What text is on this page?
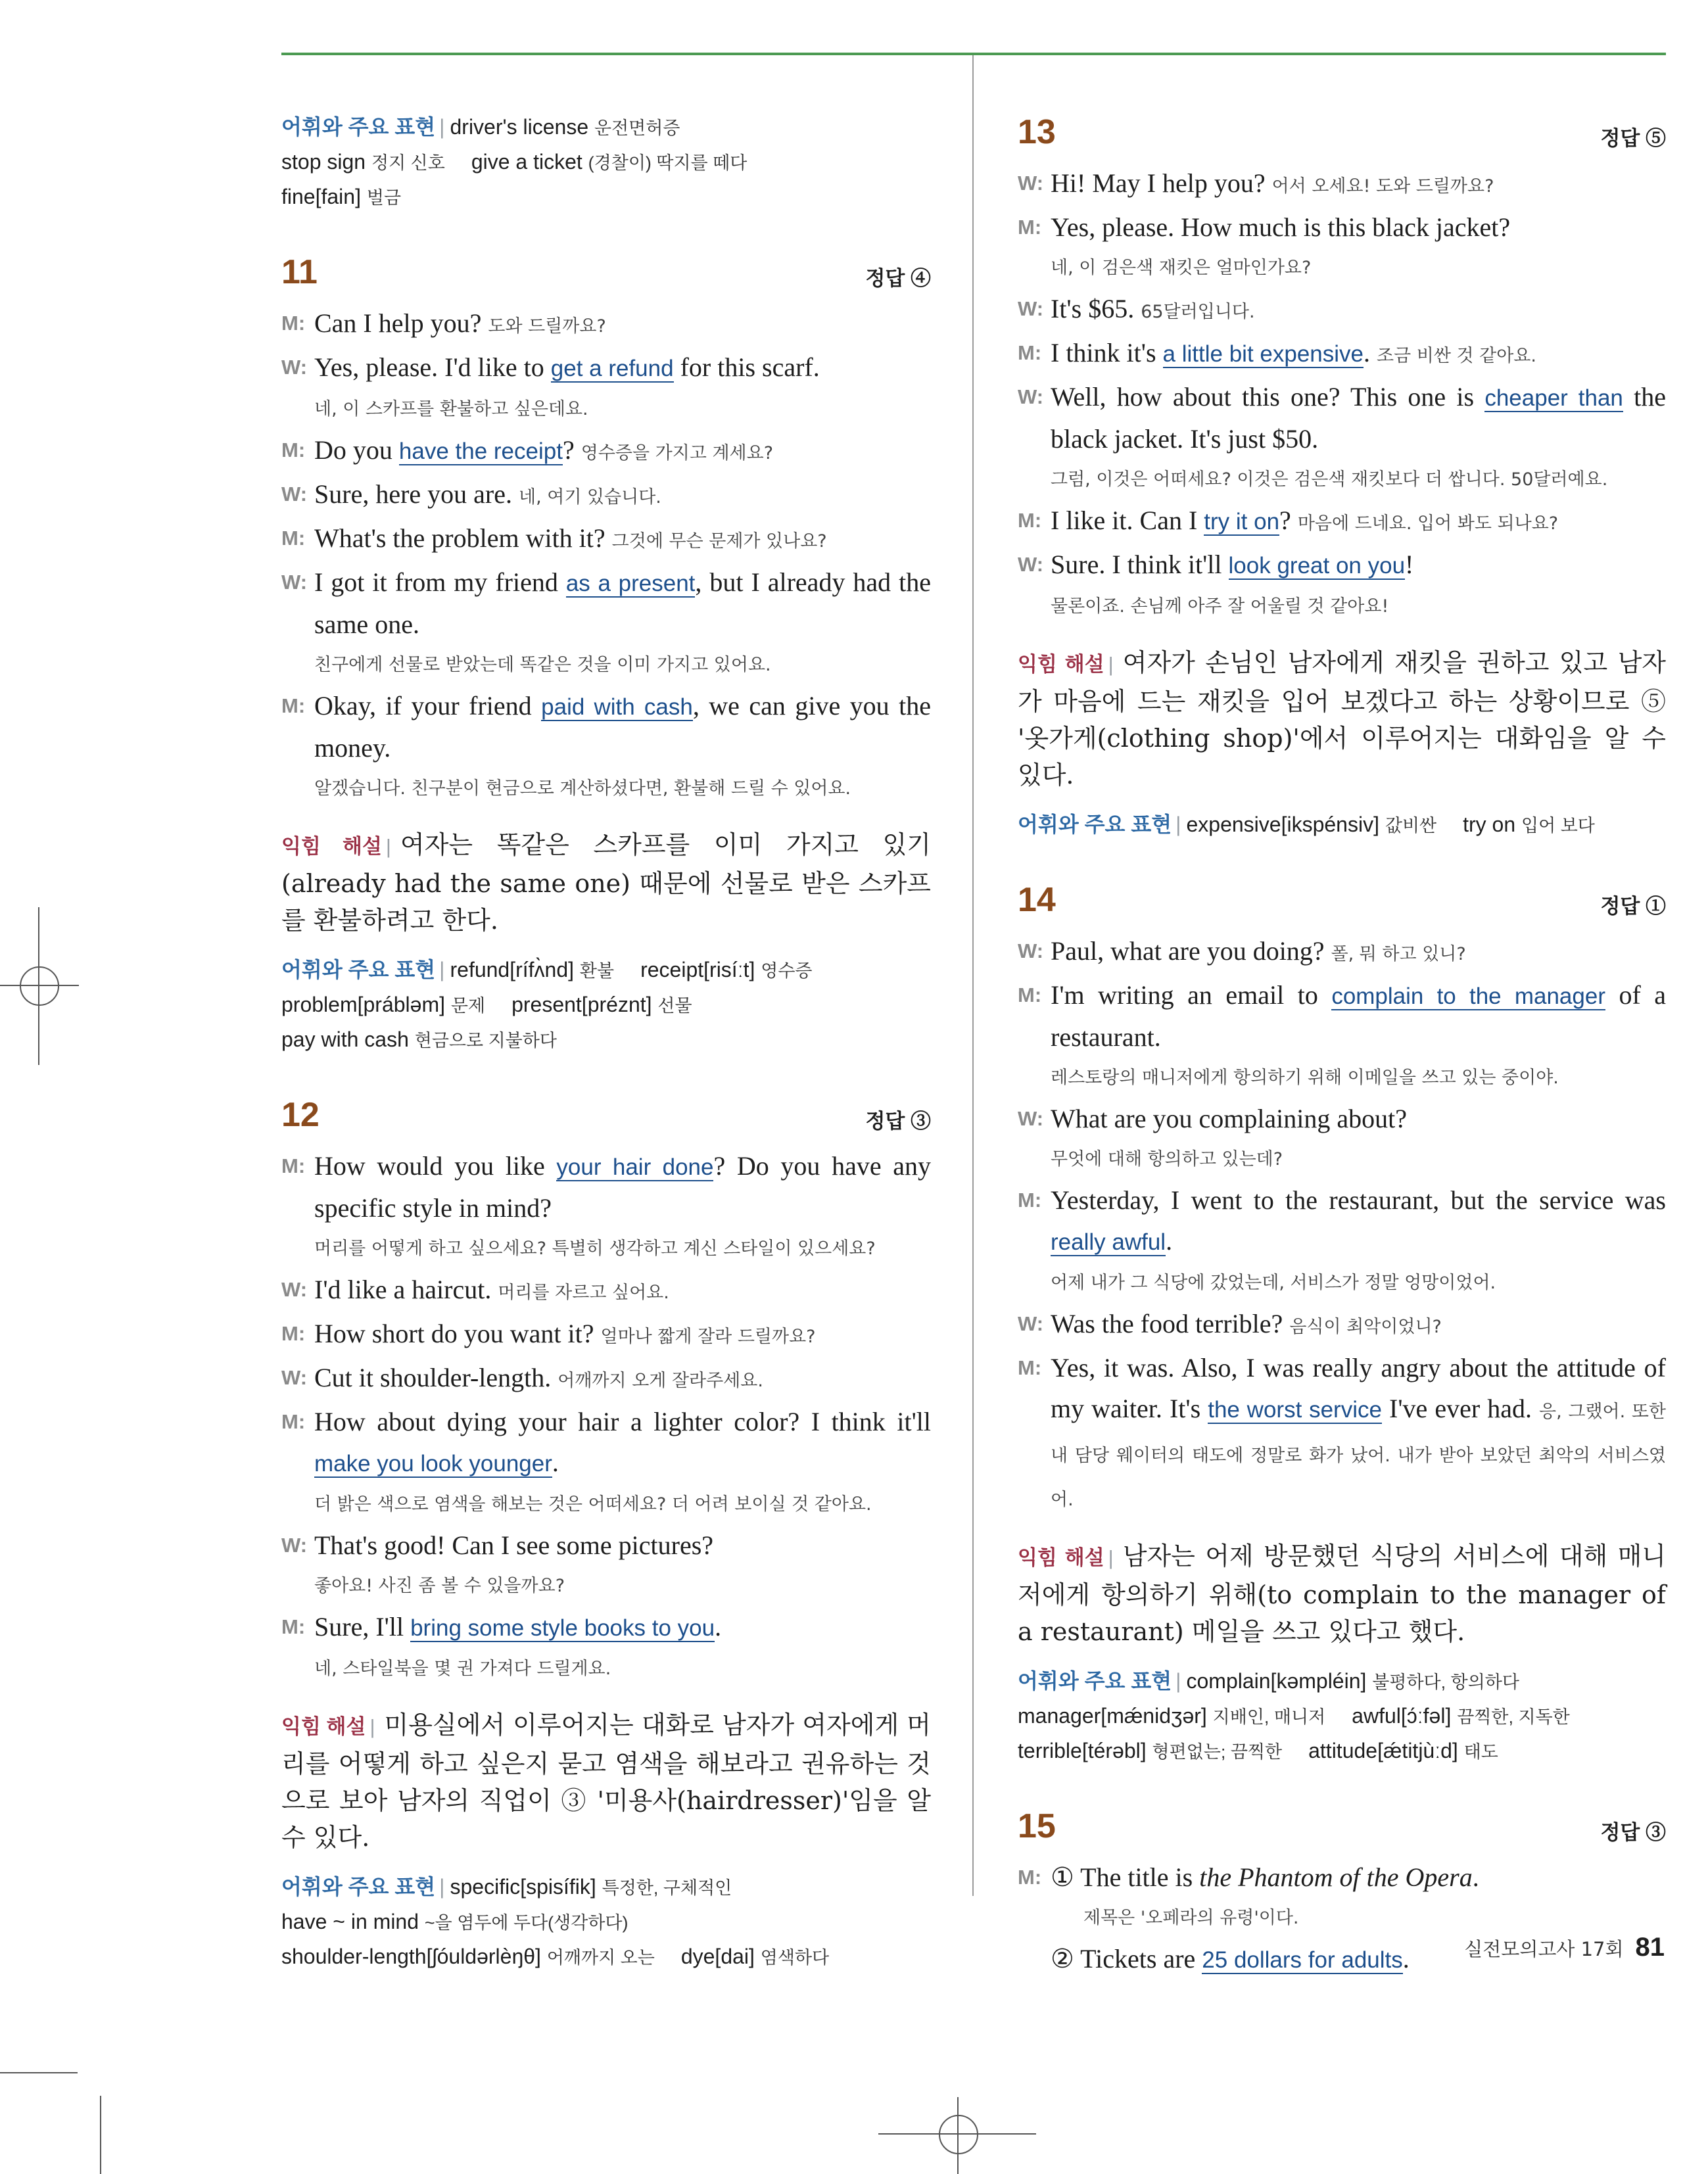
어휘와 주요 표현 | driver's license 운전면허증
stop sign 정지 신호 give a ticket (경찰이) 딱지를 떼다
fine[fain] 벌금
11	정답 ④
M: Can I help you? 도와 드릴까요?
W: Yes, please. I'd like to get a refund for this scarf.
네, 이 스카프를 환불하고 싶은데요.
M: Do you have the receipt? 영수증을 가지고 계세요?
W: Sure, here you are. 네, 여기 있습니다.
M: What's the problem with it? 그것에 무슨 문제가 있나요?
W: I got it from my friend as a present, but I already had the same one.
친구에게 선물로 받았는데 똑같은 것을 이미 가지고 있어요.
M: Okay, if your friend paid with cash, we can give you the money.
알겠습니다. 친구분이 현금으로 계산하셨다면, 환불해 드릴 수 있어요.
익힘 해설 | 여자는 똑같은 스카프를 이미 가지고 있기(already had the same one) 때문에 선물로 받은 스카프를 환불하려고 한다.
어휘와 주요 표현 | refund[rífʌ̀nd] 환불 receipt[risíːt] 영수증
problem[prábləm] 문제 present[préznt] 선물
pay with cash 현금으로 지불하다
12	정답 ③
M: How would you like your hair done? Do you have any specific style in mind?
머리를 어떻게 하고 싶으세요? 특별히 생각하고 계신 스타일이 있으세요?
W: I'd like a haircut. 머리를 자르고 싶어요.
M: How short do you want it? 얼마나 짧게 잘라 드릴까요?
W: Cut it shoulder-length. 어깨까지 오게 잘라주세요.
M: How about dying your hair a lighter color? I think it'll make you look younger.
더 밝은 색으로 염색을 해보는 것은 어떠세요? 더 어려 보이실 것 같아요.
W: That's good! Can I see some pictures?
좋아요! 사진 좀 볼 수 있을까요?
M: Sure, I'll bring some style books to you.
네, 스타일북을 몇 권 가져다 드릴게요.
익힘 해설 | 미용실에서 이루어지는 대화로 남자가 여자에게 머리를 어떻게 하고 싶은지 묻고 염색을 해보라고 권유하는 것으로 보아 남자의 직업이 ③ '미용사(hairdresser)'임을 알 수 있다.
어휘와 주요 표현 | specific[spisífik] 특정한, 구체적인
have ~ in mind ~을 염두에 두다(생각하다)
shoulder-length[ʃóuldərlèŋθ] 어깨까지 오는 dye[dai] 염색하다
13	정답 ⑤
W: Hi! May I help you? 어서 오세요! 도와 드릴까요?
M: Yes, please. How much is this black jacket?
네, 이 검은색 재킷은 얼마인가요?
W: It's $65. 65달러입니다.
M: I think it's a little bit expensive. 조금 비싼 것 같아요.
W: Well, how about this one? This one is cheaper than the black jacket. It's just $50.
그럼, 이것은 어떠세요? 이것은 검은색 재킷보다 더 쌉니다. 50달러예요.
M: I like it. Can I try it on? 마음에 드네요. 입어 봐도 되나요?
W: Sure. I think it'll look great on you!
물론이죠. 손님께 아주 잘 어울릴 것 같아요!
익힘 해설 | 여자가 손님인 남자에게 재킷을 권하고 있고 남자가 마음에 드는 재킷을 입어 보겠다고 하는 상황이므로 ⑤ '옷가게(clothing shop)'에서 이루어지는 대화임을 알 수 있다.
어휘와 주요 표현 | expensive[ikspénsiv] 값비싼 try on 입어 보다
14	정답 ①
W: Paul, what are you doing? 폴, 뭐 하고 있니?
M: I'm writing an email to complain to the manager of a restaurant.
레스토랑의 매니저에게 항의하기 위해 이메일을 쓰고 있는 중이야.
W: What are you complaining about?
무엇에 대해 항의하고 있는데?
M: Yesterday, I went to the restaurant, but the service was really awful.
어제 내가 그 식당에 갔었는데, 서비스가 정말 엉망이었어.
W: Was the food terrible? 음식이 최악이었니?
M: Yes, it was. Also, I was really angry about the attitude of my waiter. It's the worst service I've ever had. 응, 그랬어. 또한 내 담당 웨이터의 태도에 정말로 화가 났어. 내가 받아 보았던 최악의 서비스였어.
익힘 해설 | 남자는 어제 방문했던 식당의 서비스에 대해 매니저에게 항의하기 위해(to complain to the manager of a restaurant) 메일을 쓰고 있다고 했다.
어휘와 주요 표현 | complain[kəmpléin] 불평하다, 항의하다
manager[mǽnidʒər] 지배인, 매니저 awful[ɔ́ːfəl] 끔찍한, 지독한
terrible[térəbl] 형편없는; 끔찍한 attitude[ǽtitjùːd] 태도
15	정답 ③
M: ① The title is the Phantom of the Opera.
제목은 '오페라의 유령'이다.
② Tickets are 25 dollars for adults.	실전모의고사 17회 81
